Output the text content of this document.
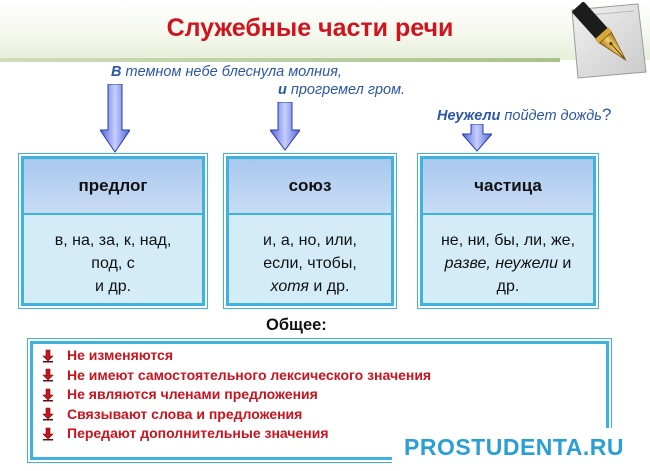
Служебные части речи
В темном небе блеснула молния,
и прогремел гром.
Неужели пойдет дождь?
предлог
в, на, за, к, над,
под, с
и др.
союз
и, а, но, или,
если, чтобы,
хотя и др.
частица
не, ни, бы, ли, же,
разве, неужели и
др.
Общее:
Не изменяются
Не имеют самостоятельного лексического значения
Не являются членами предложения
Связывают слова и предложения
Передают дополнительные значения
PROSTUDENTA.RU
